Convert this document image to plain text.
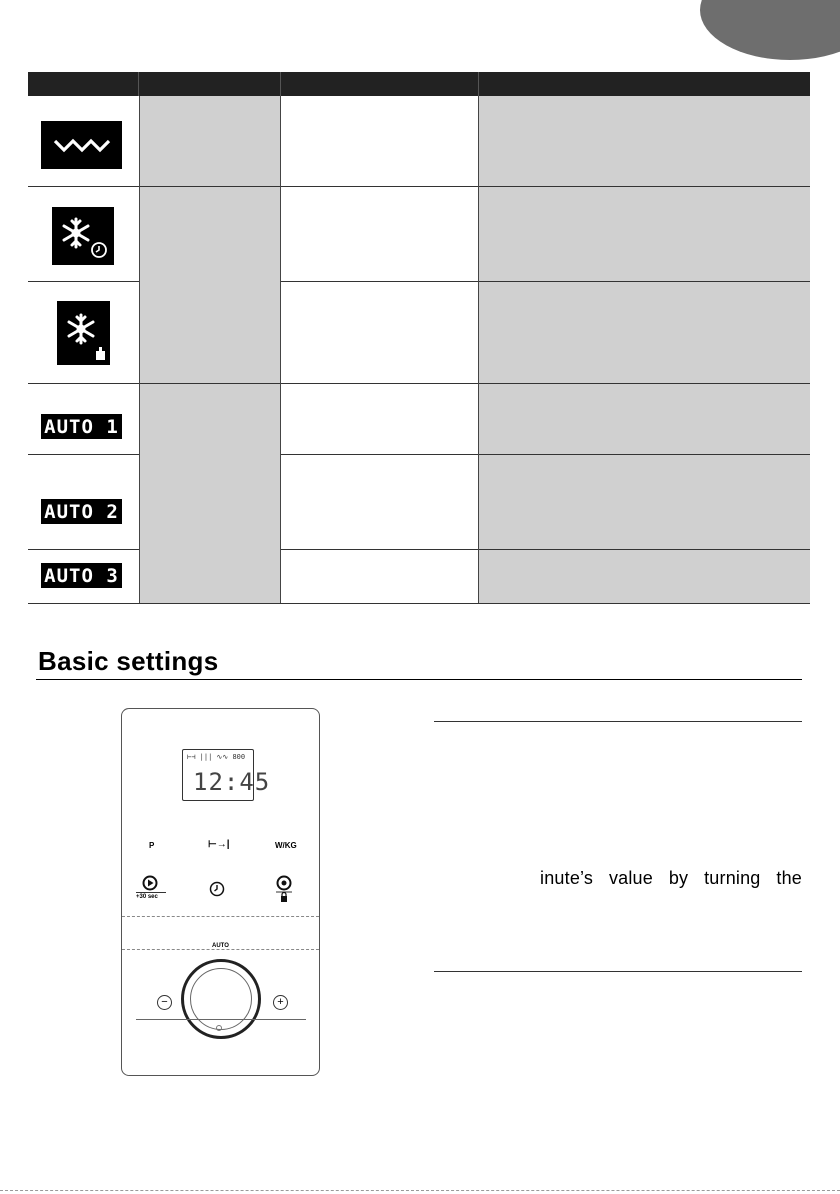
AUTO 1
AUTO 2
AUTO 3
Basic settings
⊢⊣ ||| ∿∿ 800
12:45
P	⊢→|	W/KG
+30 sec
AUTO
−	+
inute’s value by turning the
